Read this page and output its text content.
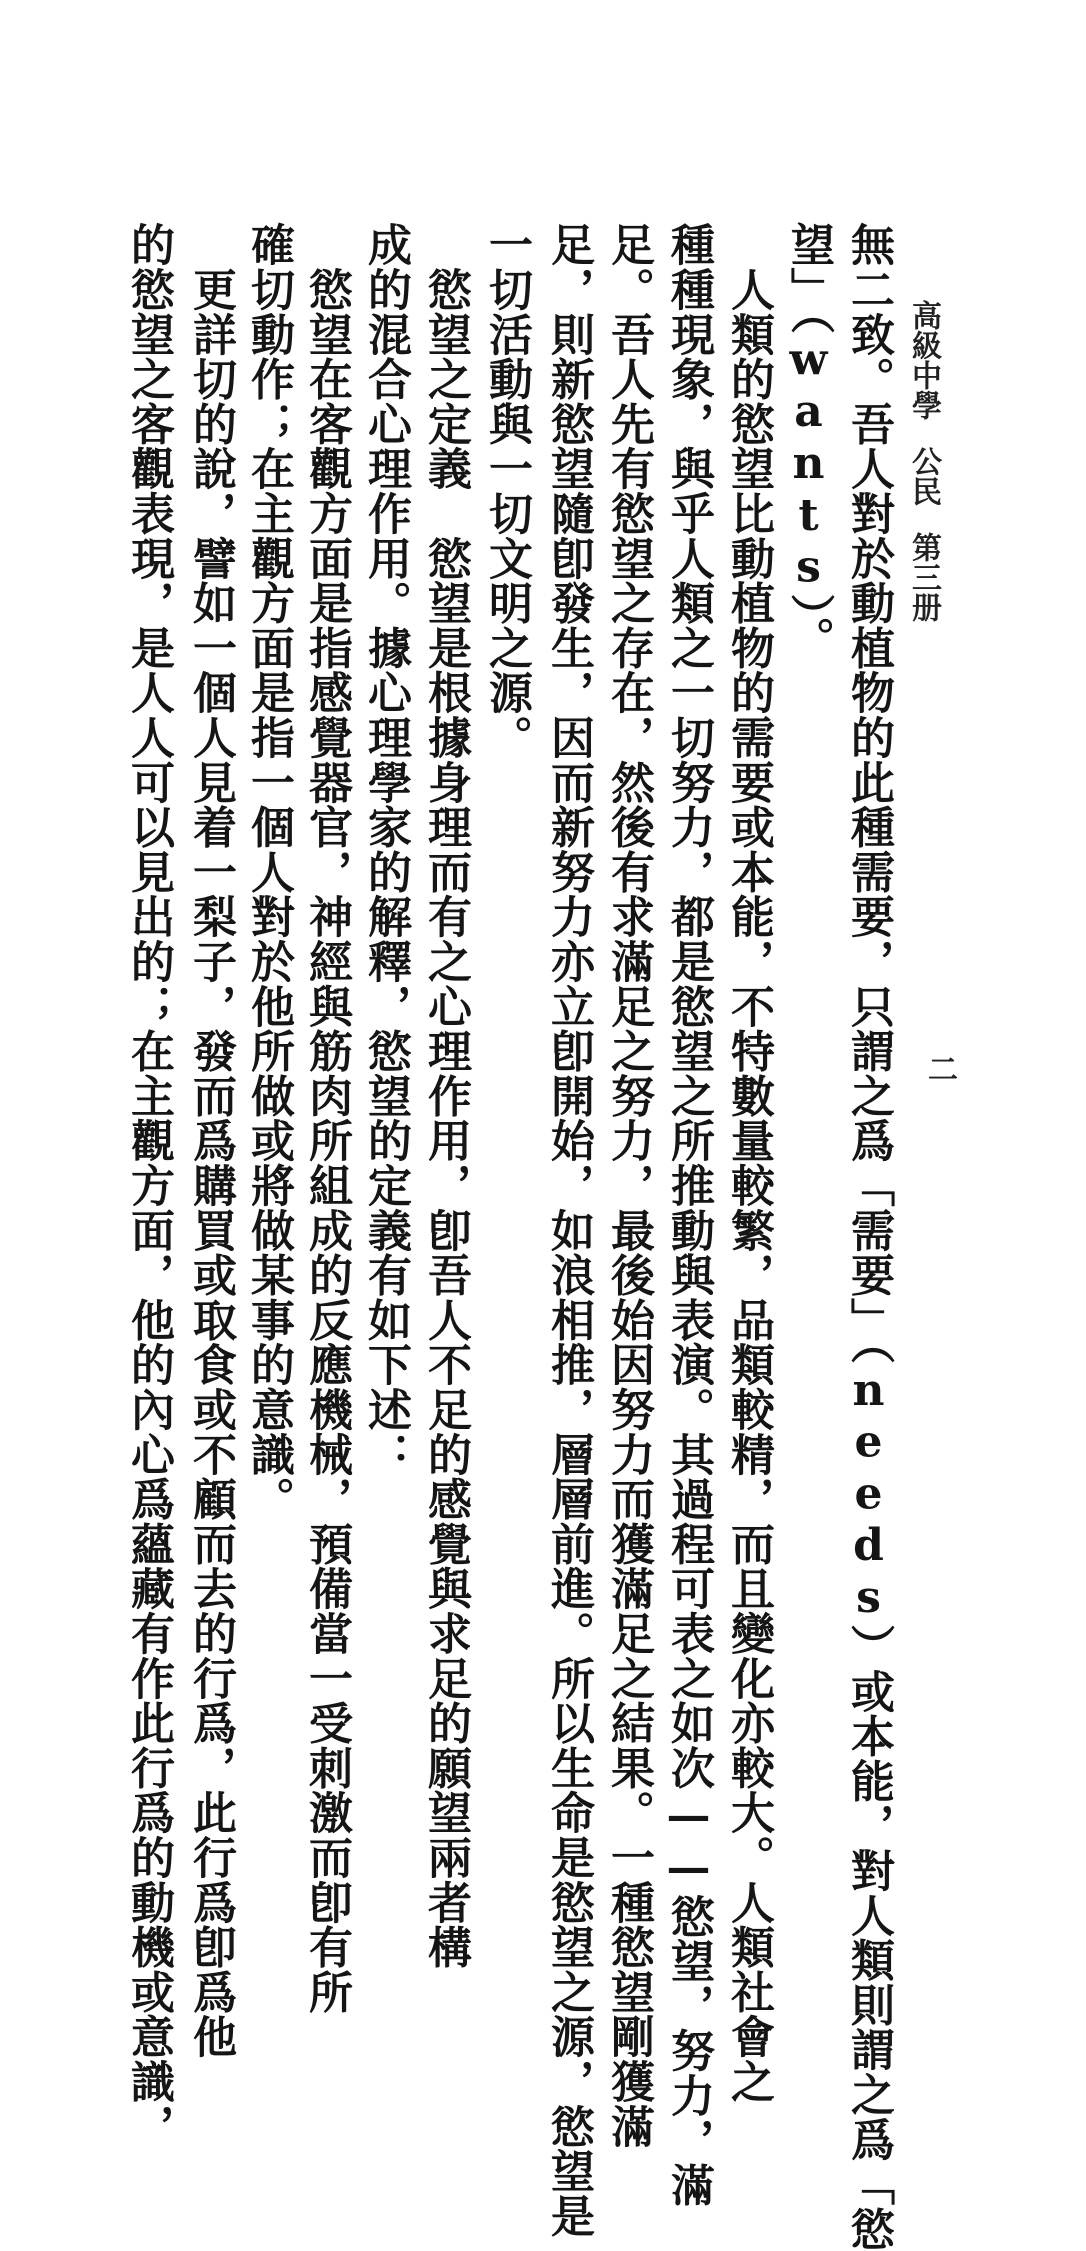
高級中學公民第三册
二
無二致。吾人對於動植物的此種需要，只謂之爲「需要」（needs）或本能，對人類則謂之爲「慾
望」（wants）。
　人類的慾望比動植物的需要或本能，不特數量較繁，品類較精，而且變化亦較大。人類社會之
種種現象，與乎人類之一切努力，都是慾望之所推動與表演。其過程可表之如次——慾望，努力，滿
足。吾人先有慾望之存在，然後有求滿足之努力，最後始因努力而獲滿足之結果。一種慾望剛獲滿
足，則新慾望隨卽發生，因而新努力亦立卽開始，如浪相推，層層前進。所以生命是慾望之源，慾望是
一切活動與一切文明之源。
　慾望之定義　慾望是根據身理而有之心理作用，卽吾人不足的感覺與求足的願望兩者構
成的混合心理作用。據心理學家的解釋，慾望的定義有如下述：
　慾望在客觀方面是指感覺器官，神經與筋肉所組成的反應機械，預備當一受刺激而卽有所
確切動作；在主觀方面是指一個人對於他所做或將做某事的意識。
　更詳切的說，譬如一個人見着一梨子，發而爲購買或取食或不顧而去的行爲，此行爲卽爲他
的慾望之客觀表現，是人人可以見出的；在主觀方面，他的內心爲蘊藏有作此行爲的動機或意識，
